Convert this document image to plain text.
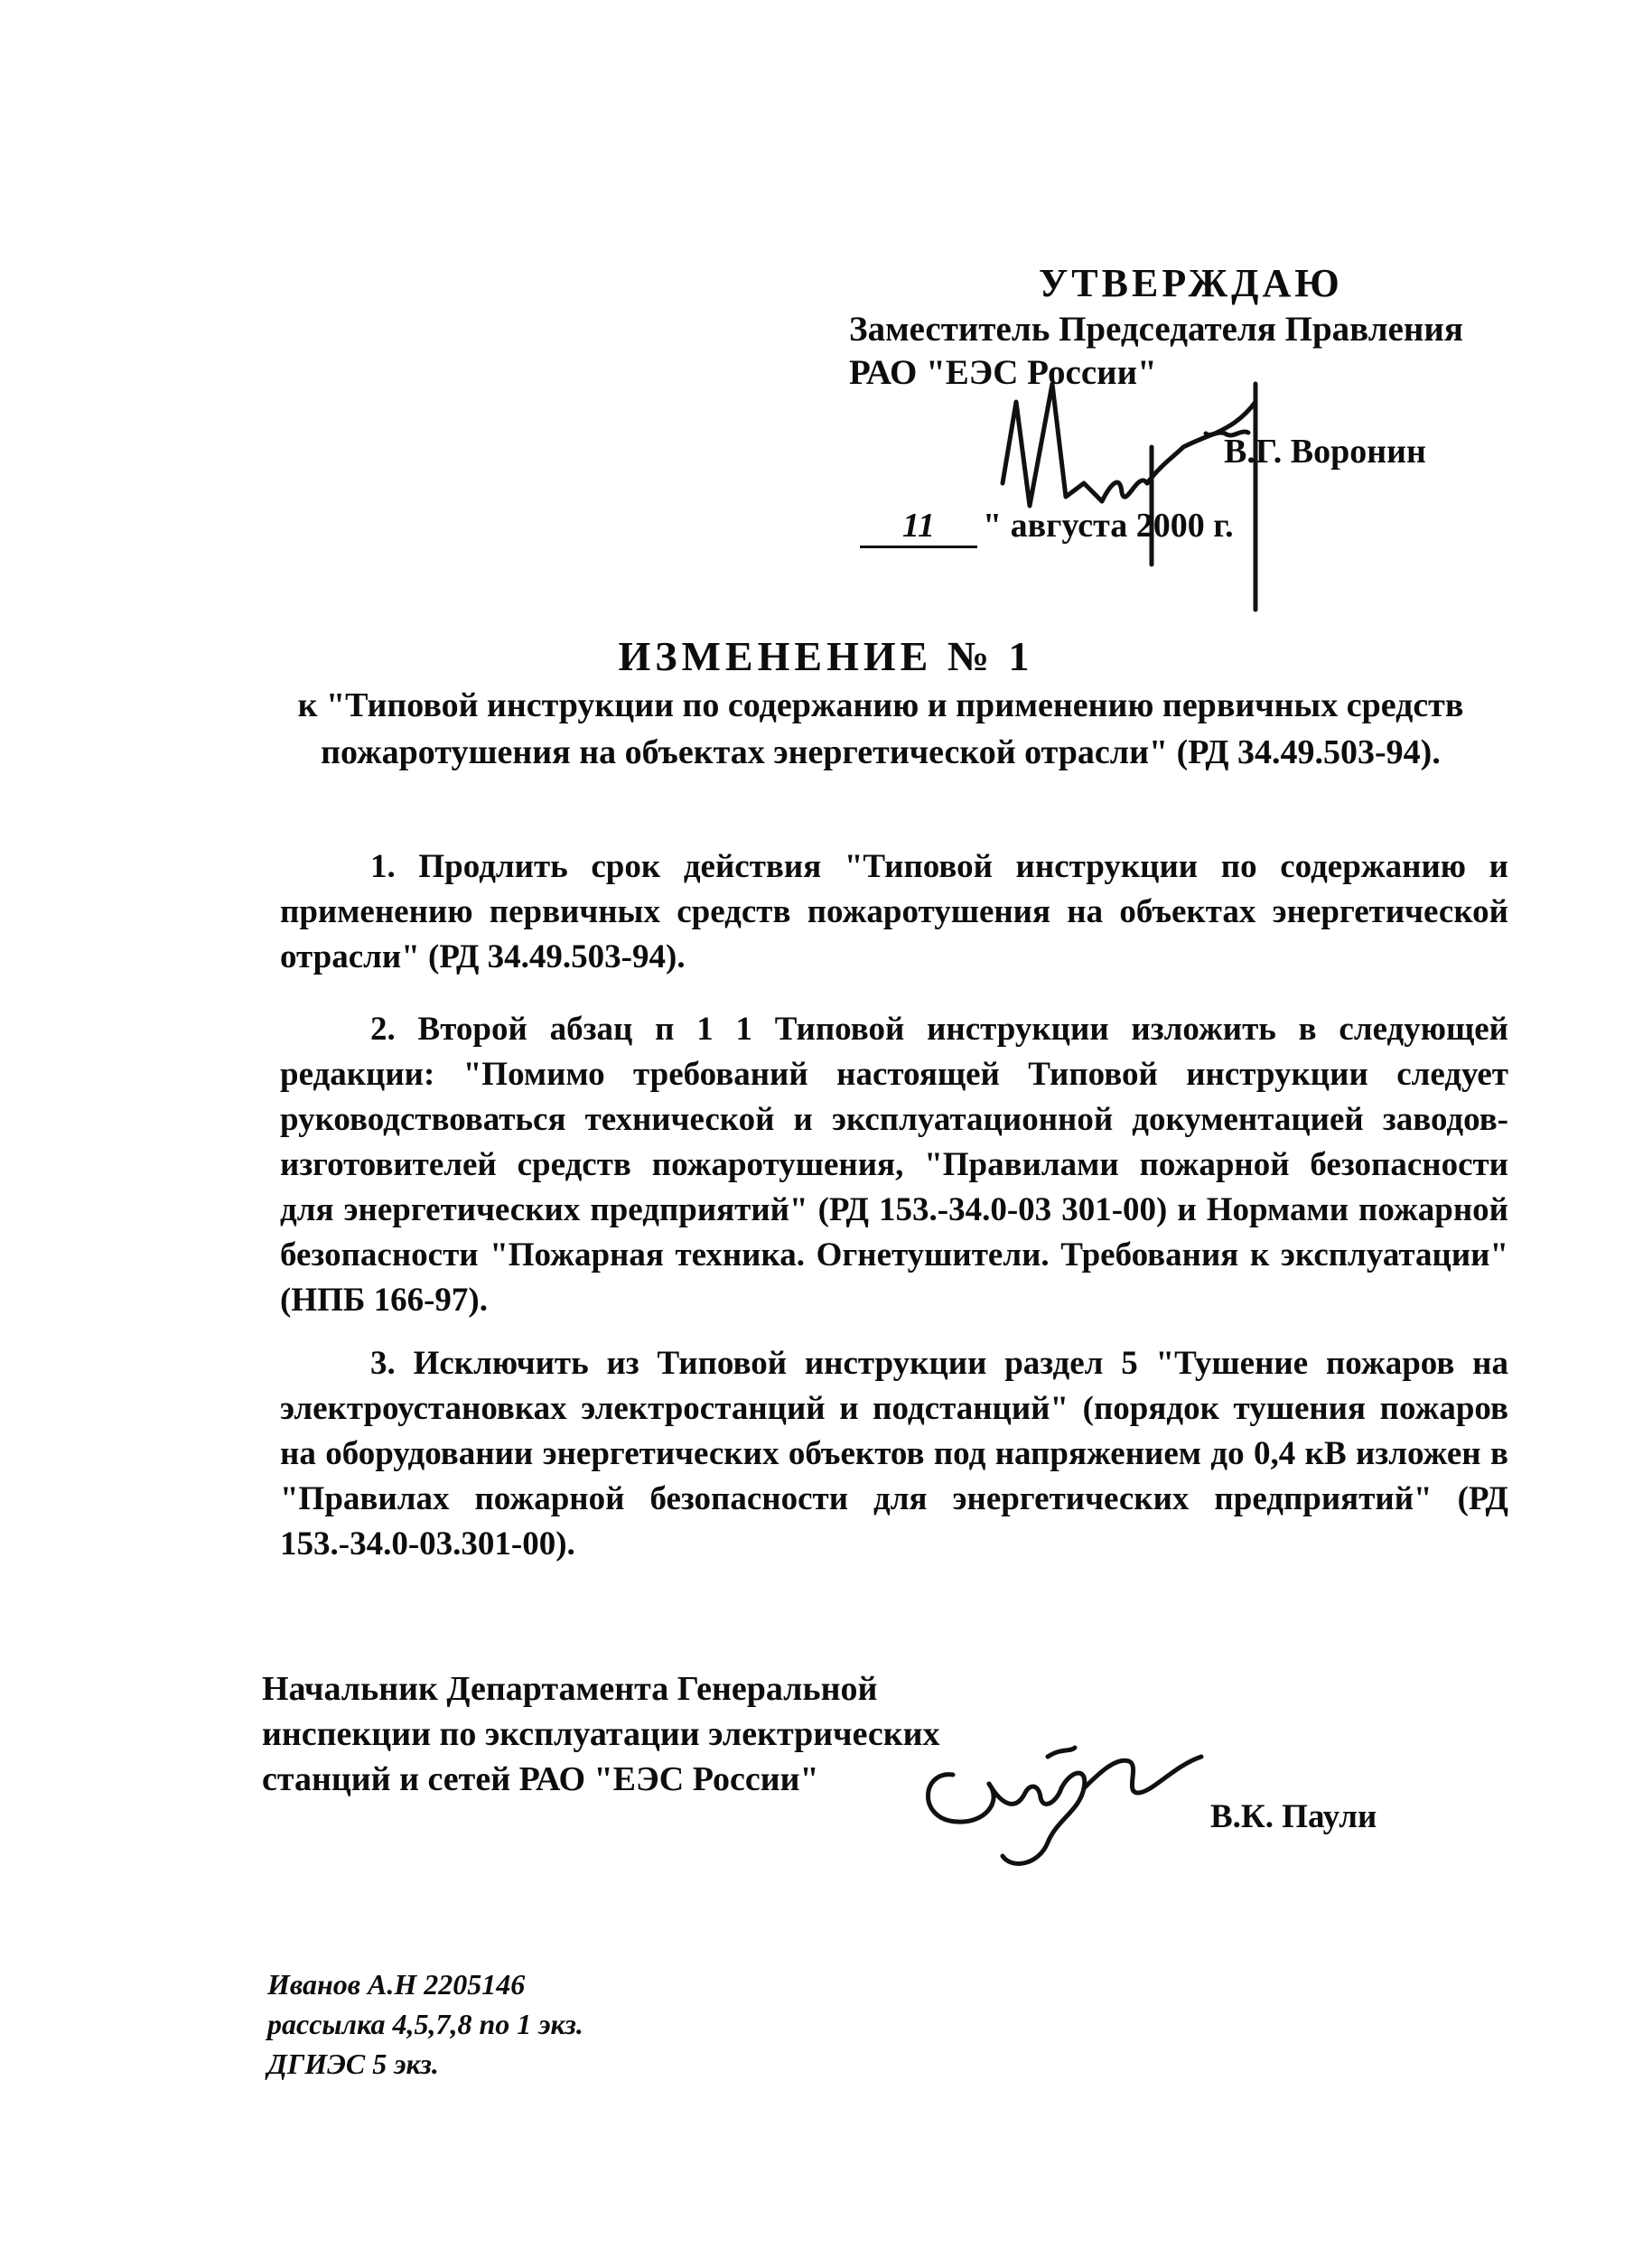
УТВЕРЖДАЮ
Заместитель Председателя Правления
РАО "ЕЭС России"
В.Г. Воронин
11 " августа 2000 г.
ИЗМЕНЕНИЕ № 1
к "Типовой инструкции по содержанию и применению первичных средств пожаротушения на объектах энергетической отрасли" (РД 34.49.503-94).
1. Продлить срок действия "Типовой инструкции по содержанию и применению первичных средств пожаротушения на объектах энергетической отрасли" (РД 34.49.503-94).
2. Второй абзац п 1 1 Типовой инструкции изложить в следующей редакции: "Помимо требований настоящей Типовой инструкции следует руководствоваться технической и эксплуатационной документацией заводов-изготовителей средств пожаротушения, "Правилами пожарной безопасности для энергетических предприятий" (РД 153.-34.0-03 301-00) и Нормами пожарной безопасности "Пожарная техника. Огнетушители. Требования к эксплуатации" (НПБ 166-97).
3. Исключить из Типовой инструкции раздел 5 "Тушение пожаров на электроустановках электростанций и подстанций" (порядок тушения пожаров на оборудовании энергетических объектов под напряжением до 0,4 кВ изложен в "Правилах пожарной безопасности для энергетических предприятий" (РД 153.-34.0-03.301-00).
Начальник Департамента Генеральной
инспекции по эксплуатации электрических
станций и сетей РАО "ЕЭС России"
В.К. Паули
Иванов А.Н 2205146
рассылка 4,5,7,8 по 1 экз.
ДГИЭС 5 экз.
